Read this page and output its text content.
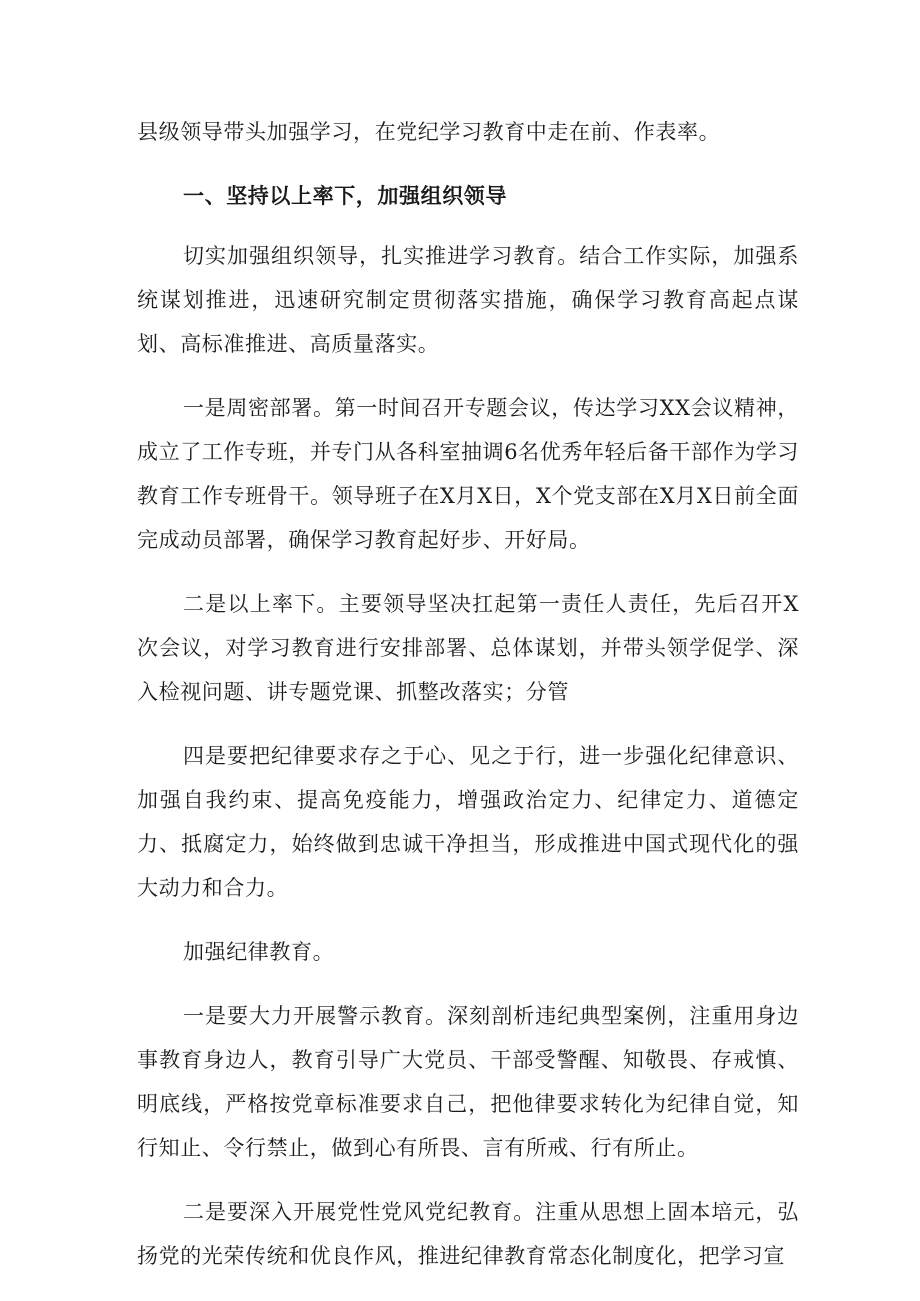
县级领导带头加强学习，在党纪学习教育中走在前、作表率。

一、坚持以上率下，加强组织领导

切实加强组织领导，扎实推进学习教育。结合工作实际，加强系统谋划推进，迅速研究制定贯彻落实措施，确保学习教育高起点谋划、高标准推进、高质量落实。

一是周密部署。第一时间召开专题会议，传达学习XX会议精神，成立了工作专班，并专门从各科室抽调6名优秀年轻后备干部作为学习教育工作专班骨干。领导班子在X月X日，X个党支部在X月X日前全面完成动员部署，确保学习教育起好步、开好局。

二是以上率下。主要领导坚决扛起第一责任人责任，先后召开X次会议，对学习教育进行安排部署、总体谋划，并带头领学促学、深入检视问题、讲专题党课、抓整改落实；分管

四是要把纪律要求存之于心、见之于行，进一步强化纪律意识、加强自我约束、提高免疫能力，增强政治定力、纪律定力、道德定力、抵腐定力，始终做到忠诚干净担当，形成推进中国式现代化的强大动力和合力。

加强纪律教育。

一是要大力开展警示教育。深刻剖析违纪典型案例，注重用身边事教育身边人，教育引导广大党员、干部受警醒、知敬畏、存戒慎、明底线，严格按党章标准要求自己，把他律要求转化为纪律自觉，知行知止、令行禁止，做到心有所畏、言有所戒、行有所止。

二是要深入开展党性党风党纪教育。注重从思想上固本培元，弘扬党的光荣传统和优良作风，推进纪律教育常态化制度化，把学习宣
